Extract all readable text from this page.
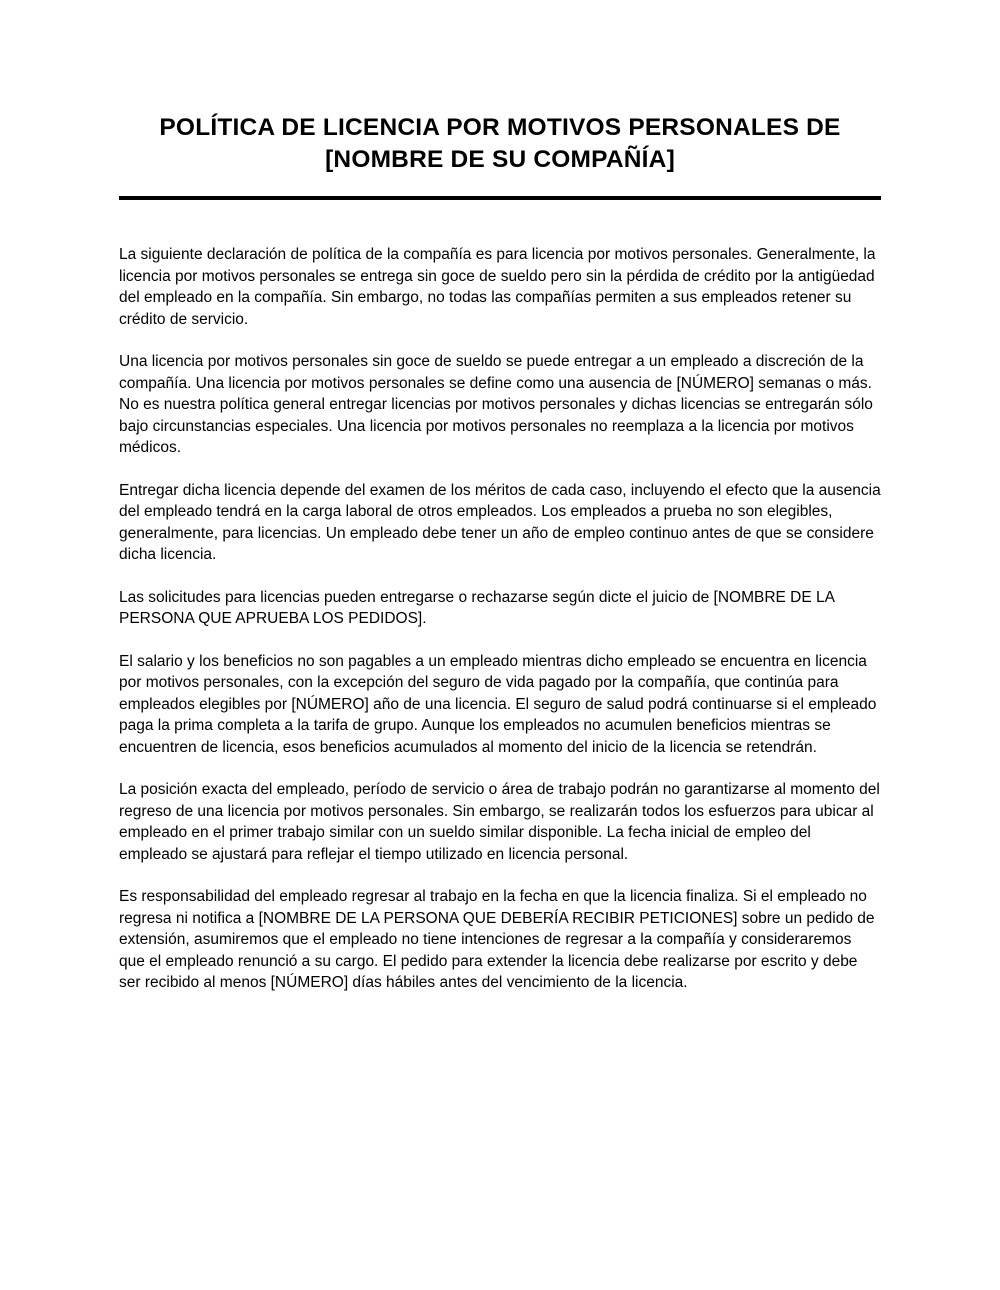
POLÍTICA DE LICENCIA POR MOTIVOS PERSONALES DE
[NOMBRE DE SU COMPAÑÍA]

La siguiente declaración de política de la compañía es para licencia por motivos personales. Generalmente, la licencia por motivos personales se entrega sin goce de sueldo pero sin la pérdida de crédito por la antigüedad del empleado en la compañía. Sin embargo, no todas las compañías permiten a sus empleados retener su crédito de servicio.

Una licencia por motivos personales sin goce de sueldo se puede entregar a un empleado a discreción de la compañía. Una licencia por motivos personales se define como una ausencia de [NÚMERO] semanas o más. No es nuestra política general entregar licencias por motivos personales y dichas licencias se entregarán sólo bajo circunstancias especiales. Una licencia por motivos personales no reemplaza a la licencia por motivos médicos.

Entregar dicha licencia depende del examen de los méritos de cada caso, incluyendo el efecto que la ausencia del empleado tendrá en la carga laboral de otros empleados. Los empleados a prueba no son elegibles, generalmente, para licencias. Un empleado debe tener un año de empleo continuo antes de que se considere dicha licencia.

Las solicitudes para licencias pueden entregarse o rechazarse según dicte el juicio de [NOMBRE DE LA PERSONA QUE APRUEBA LOS PEDIDOS].

El salario y los beneficios no son pagables a un empleado mientras dicho empleado se encuentra en licencia por motivos personales, con la excepción del seguro de vida pagado por la compañía, que continúa para empleados elegibles por [NÚMERO] año de una licencia. El seguro de salud podrá continuarse si el empleado paga la prima completa a la tarifa de grupo. Aunque los empleados no acumulen beneficios mientras se encuentren de licencia, esos beneficios acumulados al momento del inicio de la licencia se retendrán.

La posición exacta del empleado, período de servicio o área de trabajo podrán no garantizarse al momento del regreso de una licencia por motivos personales. Sin embargo, se realizarán todos los esfuerzos para ubicar al empleado en el primer trabajo similar con un sueldo similar disponible. La fecha inicial de empleo del empleado se ajustará para reflejar el tiempo utilizado en licencia personal.

Es responsabilidad del empleado regresar al trabajo en la fecha en que la licencia finaliza. Si el empleado no regresa ni notifica a [NOMBRE DE LA PERSONA QUE DEBERÍA RECIBIR PETICIONES] sobre un pedido de extensión, asumiremos que el empleado no tiene intenciones de regresar a la compañía y consideraremos que el empleado renunció a su cargo. El pedido para extender la licencia debe realizarse por escrito y debe ser recibido al menos [NÚMERO] días hábiles antes del vencimiento de la licencia.
